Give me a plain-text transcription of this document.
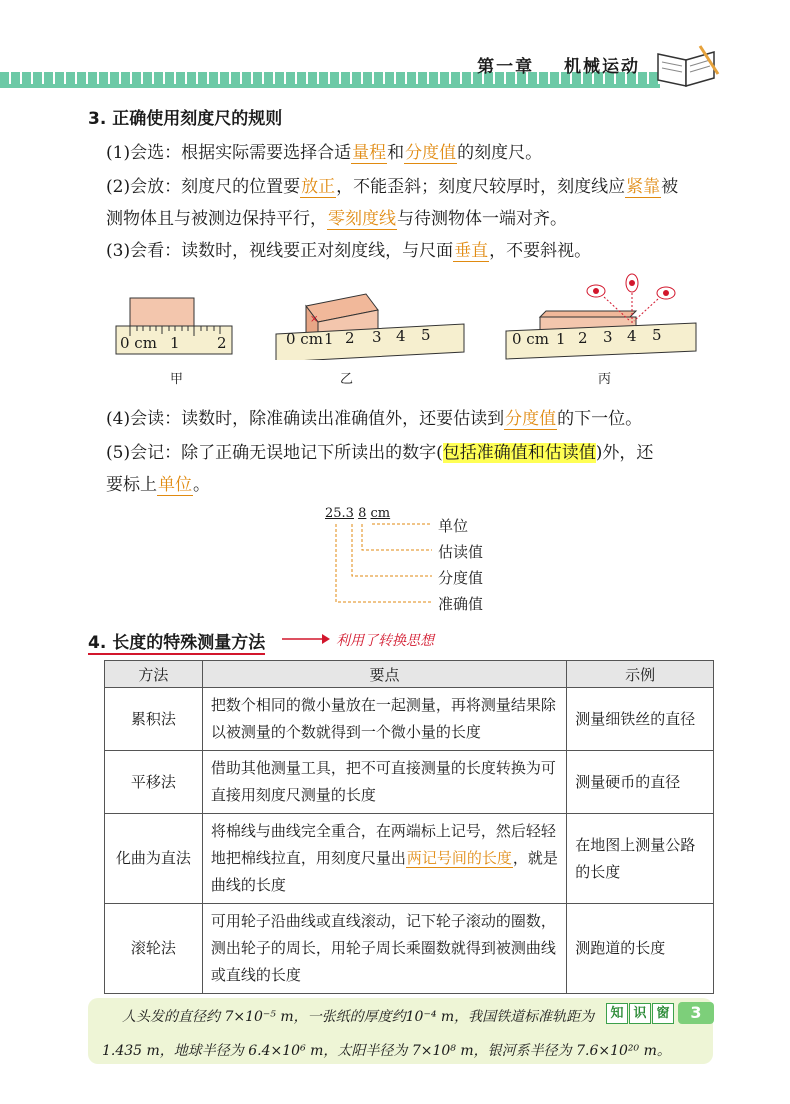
第一章 机械运动
3. 正确使用刻度尺的规则
(1)会选：根据实际需要选择合适量程和分度值的刻度尺。
(2)会放：刻度尺的位置要放正，不能歪斜；刻度尺较厚时，刻度线应紧靠被
测物体且与被测边保持平行，零刻度线与待测物体一端对齐。
(3)会看：读数时，视线要正对刻度线，与尺面垂直，不要斜视。
0 cm 1 2
甲
×
0 cm 1 2 3 4 5
乙
0 cm 1 2 3 4 5
丙
(4)会读：读数时，除准确读出准确值外，还要估读到分度值的下一位。
(5)会记：除了正确无误地记下所读出的数字(包括准确值和估读值)外，还
要标上单位。
25.3 8 cm
单位
估读值
分度值
准确值
4. 长度的特殊测量方法	利用了转换思想
方法	要点	示例
累积法	把数个相同的微小量放在一起测量，再将测量结果除以被测量的个数就得到一个微小量的长度	测量细铁丝的直径
平移法	借助其他测量工具，把不可直接测量的长度转换为可直接用刻度尺测量的长度	测量硬币的直径
化曲为直法	将棉线与曲线完全重合，在两端标上记号，然后轻轻地把棉线拉直，用刻度尺量出两记号间的长度，就是曲线的长度	在地图上测量公路的长度
滚轮法	可用轮子沿曲线或直线滚动，记下轮子滚动的圈数，测出轮子的周长，用轮子周长乘圈数就得到被测曲线或直线的长度	测跑道的长度
人头发的直径约 7×10⁻⁵ m，一张纸的厚度约10⁻⁴ m，我国铁道标准轨距为
1.435 m，地球半径为 6.4×10⁶ m，太阳半径为 7×10⁸ m，银河系半径为 7.6×10²⁰ m。
知 识 窗	3
